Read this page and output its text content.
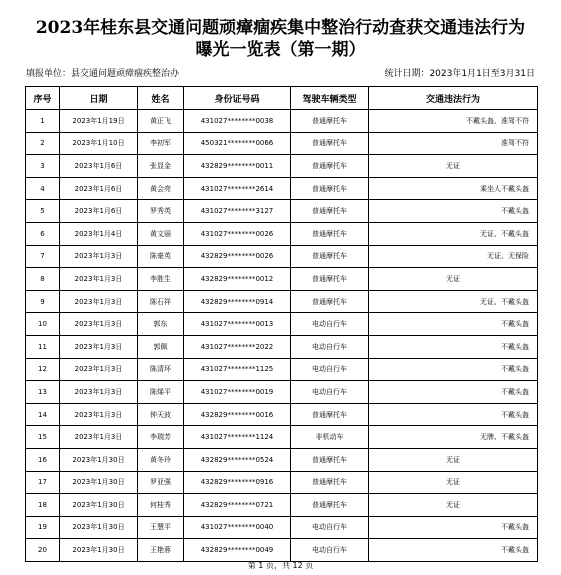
2023年桂东县交通问题顽瘴痼疾集中整治行动查获交通违法行为
曝光一览表（第一期）
填报单位：县交通问题顽瘴痼疾整治办	统计日期：2023年1月1日至3月31日
序号	日期	姓名	身份证号码	驾驶车辆类型	交通违法行为
1	2023年1月19日	黄正飞	431027********0038	普通摩托车	不戴头盔、准驾不符
2	2023年1月10日	李初军	450321********0066	普通摩托车	准驾不符
3	2023年1月6日	张显金	432829********0011	普通摩托车	无证
4	2023年1月6日	黄会亮	431027********2614	普通摩托车	乘坐人不戴头盔
5	2023年1月6日	罗秀英	431027********3127	普通摩托车	不戴头盔
6	2023年1月4日	黄文丽	431027********0026	普通摩托车	无证、不戴头盔
7	2023年1月3日	陈豪英	432829********0026	普通摩托车	无证、无保险
8	2023年1月3日	李胜生	432829********0012	普通摩托车	无证
9	2023年1月3日	陈石祥	432829********0914	普通摩托车	无证、不戴头盔
10	2023年1月3日	郭东	431027********0013	电动自行车	不戴头盔
11	2023年1月3日	郭佩	431027********2022	电动自行车	不戴头盔
12	2023年1月3日	陈清环	431027********1125	电动自行车	不戴头盔
13	2023年1月3日	陈烯平	431027********0019	电动自行车	不戴头盔
14	2023年1月3日	钟天波	432829********0016	普通摩托车	不戴头盔
15	2023年1月3日	李瑞芳	431027********1124	非机动车	无牌、不戴头盔
16	2023年1月30日	黄冬玲	432829********0524	普通摩托车	无证
17	2023年1月30日	罗亚强	432829********0916	普通摩托车	无证
18	2023年1月30日	何桂秀	432829********0721	普通摩托车	无证
19	2023年1月30日	王慧平	431027********0040	电动自行车	不戴头盔
20	2023年1月30日	王艳蓉	432829********0049	电动自行车	不戴头盔
第 1 页，共 12 页
